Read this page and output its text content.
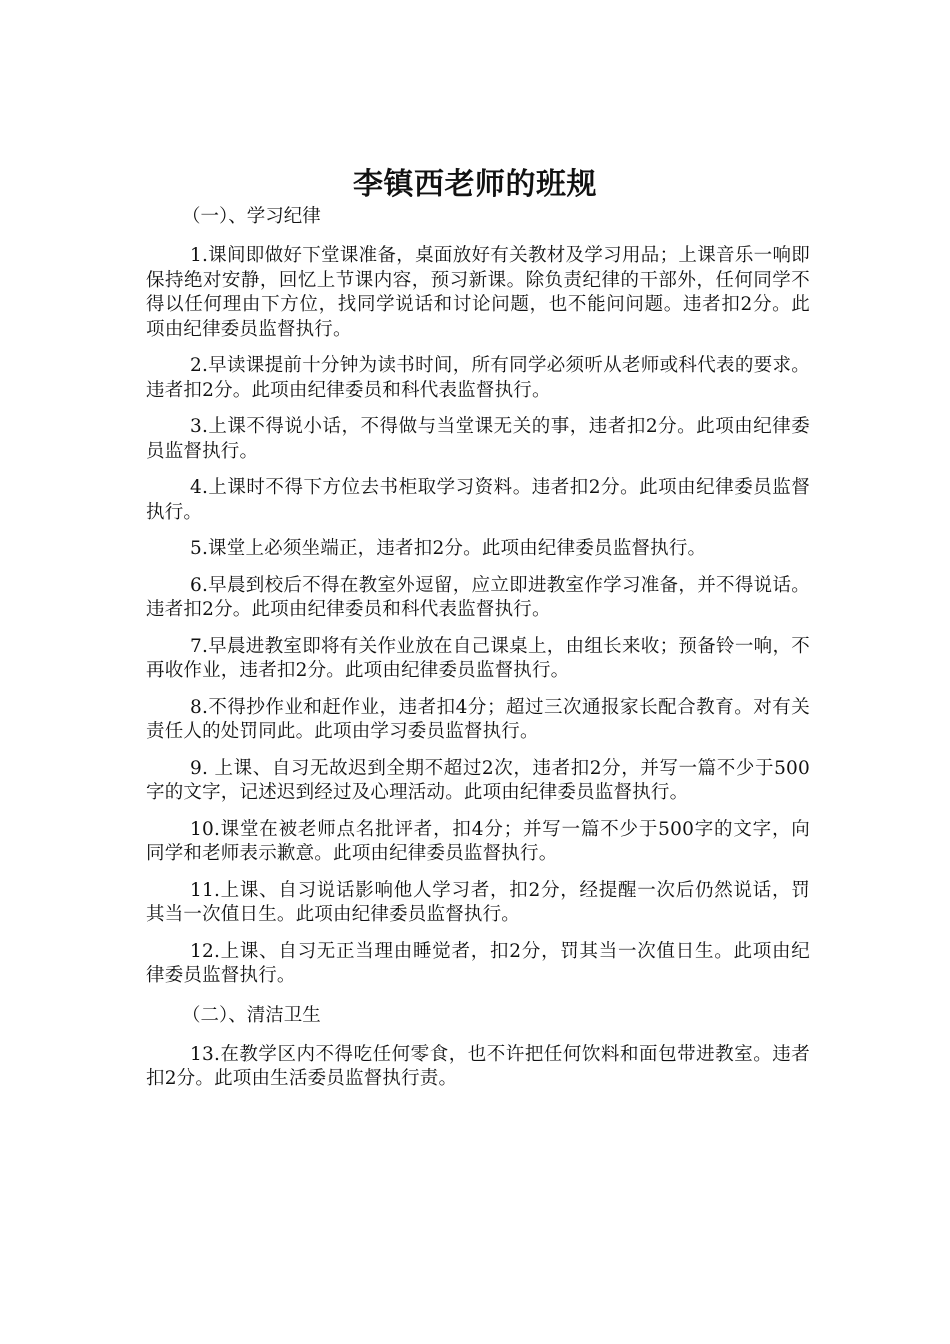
李镇西老师的班规

（一）、学习纪律

1.课间即做好下堂课准备，桌面放好有关教材及学习用品；上课音乐一响即保持绝对安静，回忆上节课内容，预习新课。除负责纪律的干部外，任何同学不得以任何理由下方位，找同学说话和讨论问题，也不能问问题。违者扣2分。此项由纪律委员监督执行。

2.早读课提前十分钟为读书时间，所有同学必须听从老师或科代表的要求。违者扣2分。此项由纪律委员和科代表监督执行。

3.上课不得说小话，不得做与当堂课无关的事，违者扣2分。此项由纪律委员监督执行。

4.上课时不得下方位去书柜取学习资料。违者扣2分。此项由纪律委员监督执行。

5.课堂上必须坐端正，违者扣2分。此项由纪律委员监督执行。

6.早晨到校后不得在教室外逗留，应立即进教室作学习准备，并不得说话。违者扣2分。此项由纪律委员和科代表监督执行。

7.早晨进教室即将有关作业放在自己课桌上，由组长来收；预备铃一响，不再收作业，违者扣2分。此项由纪律委员监督执行。

8.不得抄作业和赶作业，违者扣4分；超过三次通报家长配合教育。对有关责任人的处罚同此。此项由学习委员监督执行。

9. 上课、自习无故迟到全期不超过2次，违者扣2分，并写一篇不少于500字的文字，记述迟到经过及心理活动。此项由纪律委员监督执行。

10.课堂在被老师点名批评者，扣4分；并写一篇不少于500字的文字，向同学和老师表示歉意。此项由纪律委员监督执行。

11.上课、自习说话影响他人学习者，扣2分，经提醒一次后仍然说话，罚其当一次值日生。此项由纪律委员监督执行。

12.上课、自习无正当理由睡觉者，扣2分，罚其当一次值日生。此项由纪律委员监督执行。

（二）、清洁卫生

13.在教学区内不得吃任何零食，也不许把任何饮料和面包带进教室。违者扣2分。此项由生活委员监督执行责。
